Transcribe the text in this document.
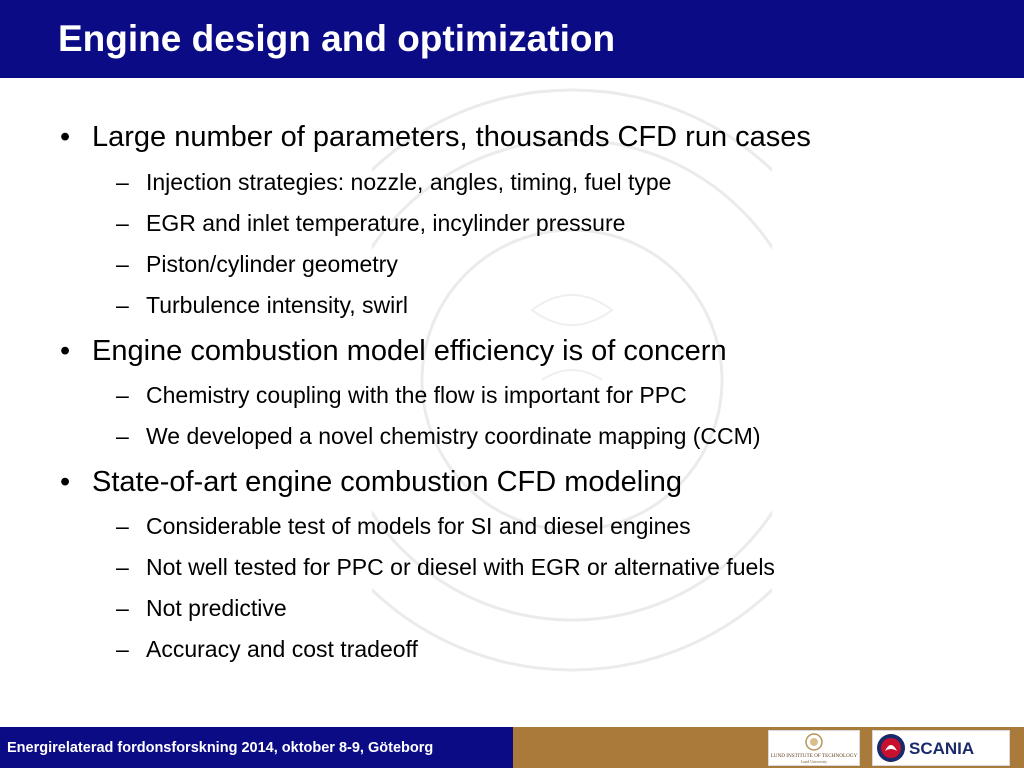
Engine design and optimization
• Large number of parameters, thousands CFD run cases
– Injection strategies: nozzle, angles, timing, fuel type
– EGR and inlet temperature, incylinder pressure
– Piston/cylinder geometry
– Turbulence intensity, swirl
• Engine combustion model efficiency is of concern
– Chemistry coupling with the flow is important for PPC
– We developed a novel chemistry coordinate mapping (CCM)
• State-of-art engine combustion CFD modeling
– Considerable test of models for SI and diesel engines
– Not well tested for PPC or diesel with EGR or alternative fuels
– Not predictive
– Accuracy and cost tradeoff
Energirelaterad fordonsforskning 2014, oktober 8-9, Göteborg	LUND INSTITUTE OF TECHNOLOGY
Lund University
SCANIA
